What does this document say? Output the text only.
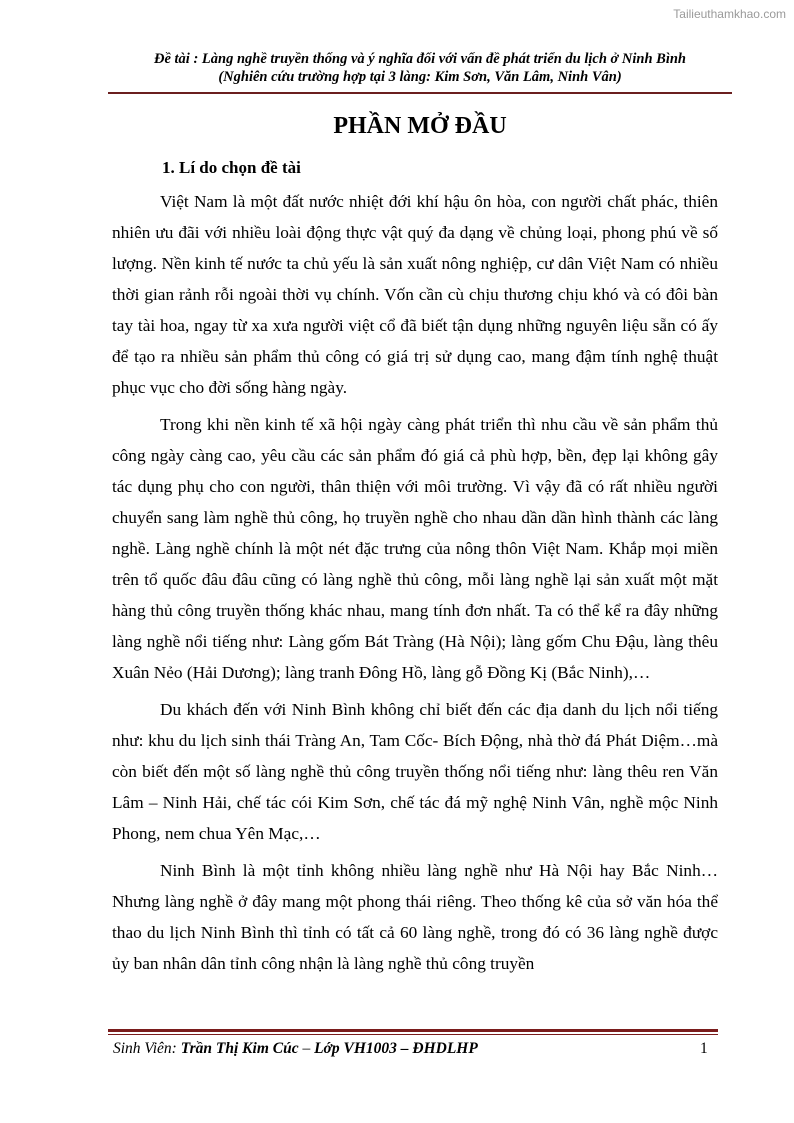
Tailieuthamkhao.com
Đề tài : Làng nghề truyền thống và ý nghĩa đối với vấn đề phát triển du lịch ở Ninh Bình
(Nghiên cứu trường hợp tại 3 làng: Kim Sơn, Văn Lâm, Ninh Vân)
PHẦN MỞ ĐẦU
1. Lí do chọn đề tài

Việt Nam là một đất nước nhiệt đới khí hậu ôn hòa, con người chất phác, thiên nhiên ưu đãi với nhiều loài động thực vật quý đa dạng về chủng loại, phong phú về số lượng. Nền kinh tế nước ta chủ yếu là sản xuất nông nghiệp, cư dân Việt Nam có nhiều thời gian rảnh rỗi ngoài thời vụ chính. Vốn cần cù chịu thương chịu khó và có đôi bàn tay tài hoa, ngay từ xa xưa người việt cổ đã biết tận dụng những nguyên liệu sẵn có ấy để tạo ra nhiều sản phẩm thủ công có giá trị sử dụng cao, mang đậm tính nghệ thuật phục vục cho đời sống hàng ngày.

Trong khi nền kinh tế xã hội ngày càng phát triển thì nhu cầu về sản phẩm thủ công ngày càng cao, yêu cầu các sản phẩm đó giá cả phù hợp, bền, đẹp lại không gây tác dụng phụ cho con người, thân thiện với môi trường. Vì vậy đã có rất nhiều người chuyển sang làm nghề thủ công, họ truyền nghề cho nhau dần dần hình thành các làng nghề. Làng nghề chính là một nét đặc trưng của nông thôn Việt Nam. Khắp mọi miền trên tổ quốc đâu đâu cũng có làng nghề thủ công, mỗi làng nghề lại sản xuất một mặt hàng thủ công truyền thống khác nhau, mang tính đơn nhất. Ta có thể kể ra đây những làng nghề nổi tiếng như: Làng gốm Bát Tràng (Hà Nội); làng gốm Chu Đậu, làng thêu Xuân Nẻo (Hải Dương); làng tranh Đông Hồ, làng gỗ Đồng Kị (Bắc Ninh),…

Du khách đến với Ninh Bình không chỉ biết đến các địa danh du lịch nổi tiếng như: khu du lịch sinh thái Tràng An, Tam Cốc- Bích Động, nhà thờ đá Phát Diệm…mà còn biết đến một số làng nghề thủ công truyền thống nổi tiếng như: làng thêu ren Văn Lâm – Ninh Hải, chế tác cói Kim Sơn, chế tác đá mỹ nghệ Ninh Vân, nghề mộc Ninh Phong, nem chua Yên Mạc,…

Ninh Bình là một tỉnh không nhiều làng nghề như Hà Nội hay Bắc Ninh… Nhưng làng nghề ở đây mang một phong thái riêng. Theo thống kê của sở văn hóa thể thao du lịch Ninh Bình thì tỉnh có tất cả 60 làng nghề, trong đó có 36 làng nghề được ủy ban nhân dân tỉnh công nhận là làng nghề thủ công truyền

Sinh Viên: Trần Thị Kim Cúc – Lớp VH1003 – ĐHDLHP	1
